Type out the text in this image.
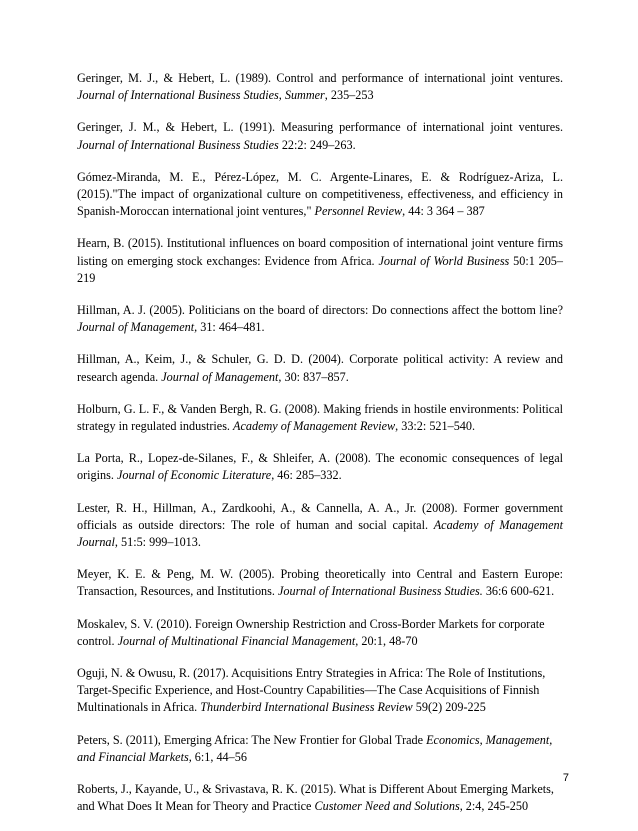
Geringer, M. J., & Hebert, L. (1989). Control and performance of international joint ventures. Journal of International Business Studies, Summer, 235–253
Geringer, J. M., & Hebert, L. (1991). Measuring performance of international joint ventures. Journal of International Business Studies 22:2: 249–263.
Gómez-Miranda, M. E., Pérez-López, M. C. Argente-Linares, E. & Rodríguez-Ariza, L. (2015)."The impact of organizational culture on competitiveness, effectiveness, and efficiency in Spanish-Moroccan international joint ventures," Personnel Review, 44: 3 364 – 387
Hearn, B. (2015). Institutional influences on board composition of international joint venture firms listing on emerging stock exchanges: Evidence from Africa. Journal of World Business 50:1 205–219
Hillman, A. J. (2005). Politicians on the board of directors: Do connections affect the bottom line? Journal of Management, 31: 464–481.
Hillman, A., Keim, J., & Schuler, G. D. D. (2004). Corporate political activity: A review and research agenda. Journal of Management, 30: 837–857.
Holburn, G. L. F., & Vanden Bergh, R. G. (2008). Making friends in hostile environments: Political strategy in regulated industries. Academy of Management Review, 33:2: 521–540.
La Porta, R., Lopez-de-Silanes, F., & Shleifer, A. (2008). The economic consequences of legal origins. Journal of Economic Literature, 46: 285–332.
Lester, R. H., Hillman, A., Zardkoohi, A., & Cannella, A. A., Jr. (2008). Former government officials as outside directors: The role of human and social capital. Academy of Management Journal, 51:5: 999–1013.
Meyer, K. E. & Peng, M. W. (2005). Probing theoretically into Central and Eastern Europe: Transaction, Resources, and Institutions. Journal of International Business Studies. 36:6 600-621.
Moskalev, S. V. (2010). Foreign Ownership Restriction and Cross-Border Markets for corporate control. Journal of Multinational Financial Management, 20:1, 48-70
Oguji, N. & Owusu, R. (2017). Acquisitions Entry Strategies in Africa: The Role of Institutions, Target-Specific Experience, and Host-Country Capabilities—The Case Acquisitions of Finnish Multinationals in Africa. Thunderbird International Business Review 59(2) 209-225
Peters, S. (2011), Emerging Africa: The New Frontier for Global Trade Economics, Management, and Financial Markets, 6:1, 44–56
Roberts, J., Kayande, U., & Srivastava, R. K. (2015). What is Different About Emerging Markets, and What Does It Mean for Theory and Practice Customer Need and Solutions, 2:4, 245-250
7
